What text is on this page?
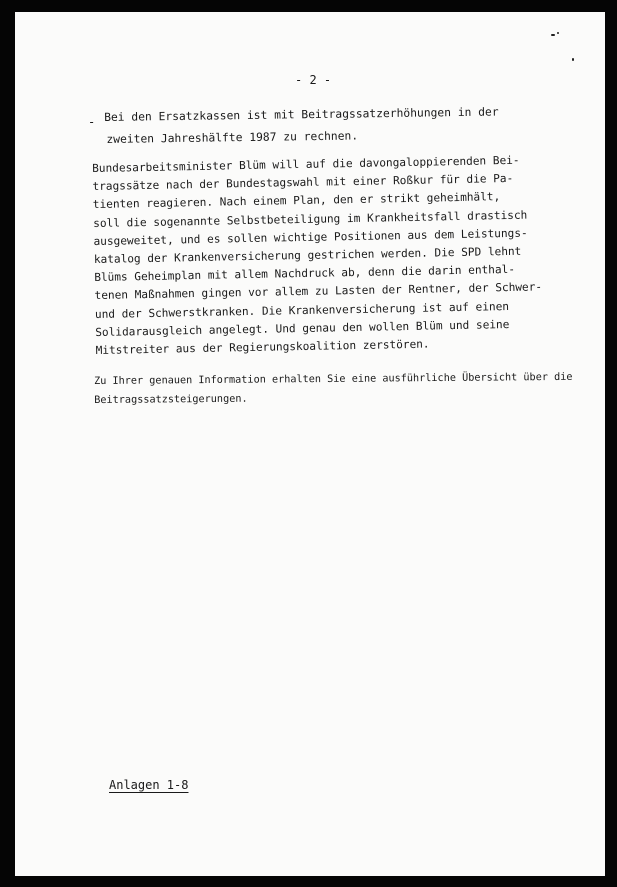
- 2 -
- Bei den Ersatzkassen ist mit Beitragssatzerhöhungen in der
zweiten Jahreshälfte 1987 zu rechnen.
Bundesarbeitsminister Blüm will auf die davongaloppierenden Bei-
tragssätze nach der Bundestagswahl mit einer Roßkur für die Pa-
tienten reagieren. Nach einem Plan, den er strikt geheimhält,
soll die sogenannte Selbstbeteiligung im Krankheitsfall drastisch
ausgeweitet, und es sollen wichtige Positionen aus dem Leistungs-
katalog der Krankenversicherung gestrichen werden. Die SPD lehnt
Blüms Geheimplan mit allem Nachdruck ab, denn die darin enthal-
tenen Maßnahmen gingen vor allem zu Lasten der Rentner, der Schwer-
und der Schwerstkranken. Die Krankenversicherung ist auf einen
Solidarausgleich angelegt. Und genau den wollen Blüm und seine
Mitstreiter aus der Regierungskoalition zerstören.
Zu Ihrer genauen Information erhalten Sie eine ausführliche Übersicht über die
Beitragssatzsteigerungen.
Anlagen 1-8
